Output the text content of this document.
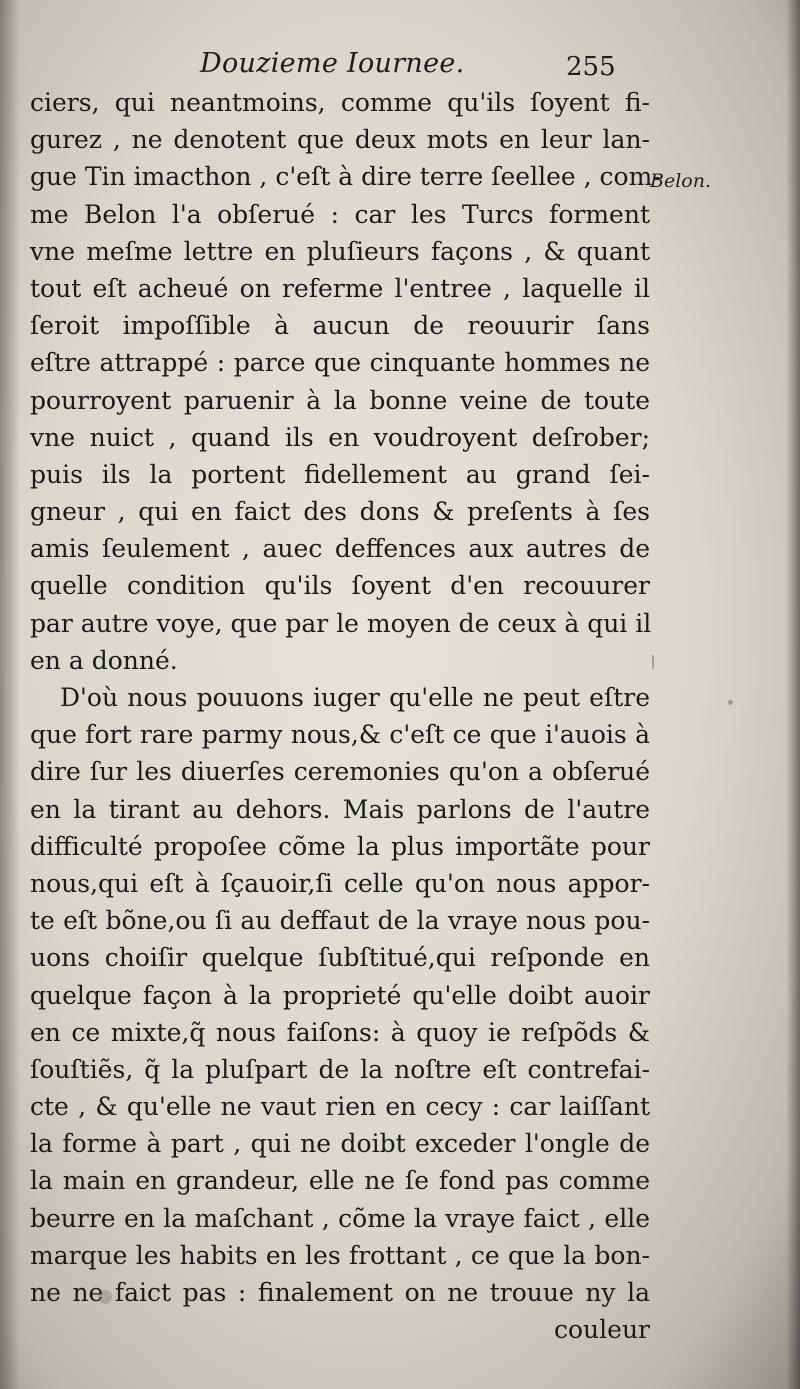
Douzieme Iournee.	255
Belon.
ciers, qui neantmoins, comme qu'ils ſoyent fi-
gurez , ne denotent que deux mots en leur lan-
gue Tin imacthon , c'eſt à dire terre ſeellee , com-
me Belon l'a obſerué : car les Turcs forment
vne meſme lettre en pluſieurs façons , & quant
tout eſt acheué on referme l'entree , laquelle il
ſeroit impoſſible à aucun de reouurir ſans
eſtre attrappé : parce que cinquante hommes ne
pourroyent paruenir à la bonne veine de toute
vne nuict , quand ils en voudroyent deſrober;
puis ils la portent fidellement au grand ſei-
gneur , qui en faict des dons & preſents à ſes
amis ſeulement , auec deffences aux autres de
quelle condition qu'ils ſoyent d'en recouurer
par autre voye, que par le moyen de ceux à qui il
en a donné.
D'où nous pouuons iuger qu'elle ne peut eſtre
que fort rare parmy nous,& c'eſt ce que i'auois à
dire ſur les diuerſes ceremonies qu'on a obſerué
en la tirant au dehors. Mais parlons de l'autre
difficulté propoſee cõme la plus importãte pour
nous,qui eſt à ſçauoir,ſi celle qu'on nous appor-
te eſt bõne,ou ſi au deffaut de la vraye nous pou-
uons choiſir quelque ſubſtitué,qui reſponde en
quelque façon à la proprieté qu'elle doibt auoir
en ce mixte,q̃ nous faiſons: à quoy ie reſpõds &
ſouſtiẽs, q̃ la pluſpart de la noſtre eſt contrefai-
cte , & qu'elle ne vaut rien en cecy : car laiſſant
la forme à part , qui ne doibt exceder l'ongle de
la main en grandeur, elle ne ſe fond pas comme
beurre en la maſchant , cõme la vraye faict , elle
marque les habits en les frottant , ce que la bon-
ne ne faict pas : finalement on ne trouue ny la
couleur
